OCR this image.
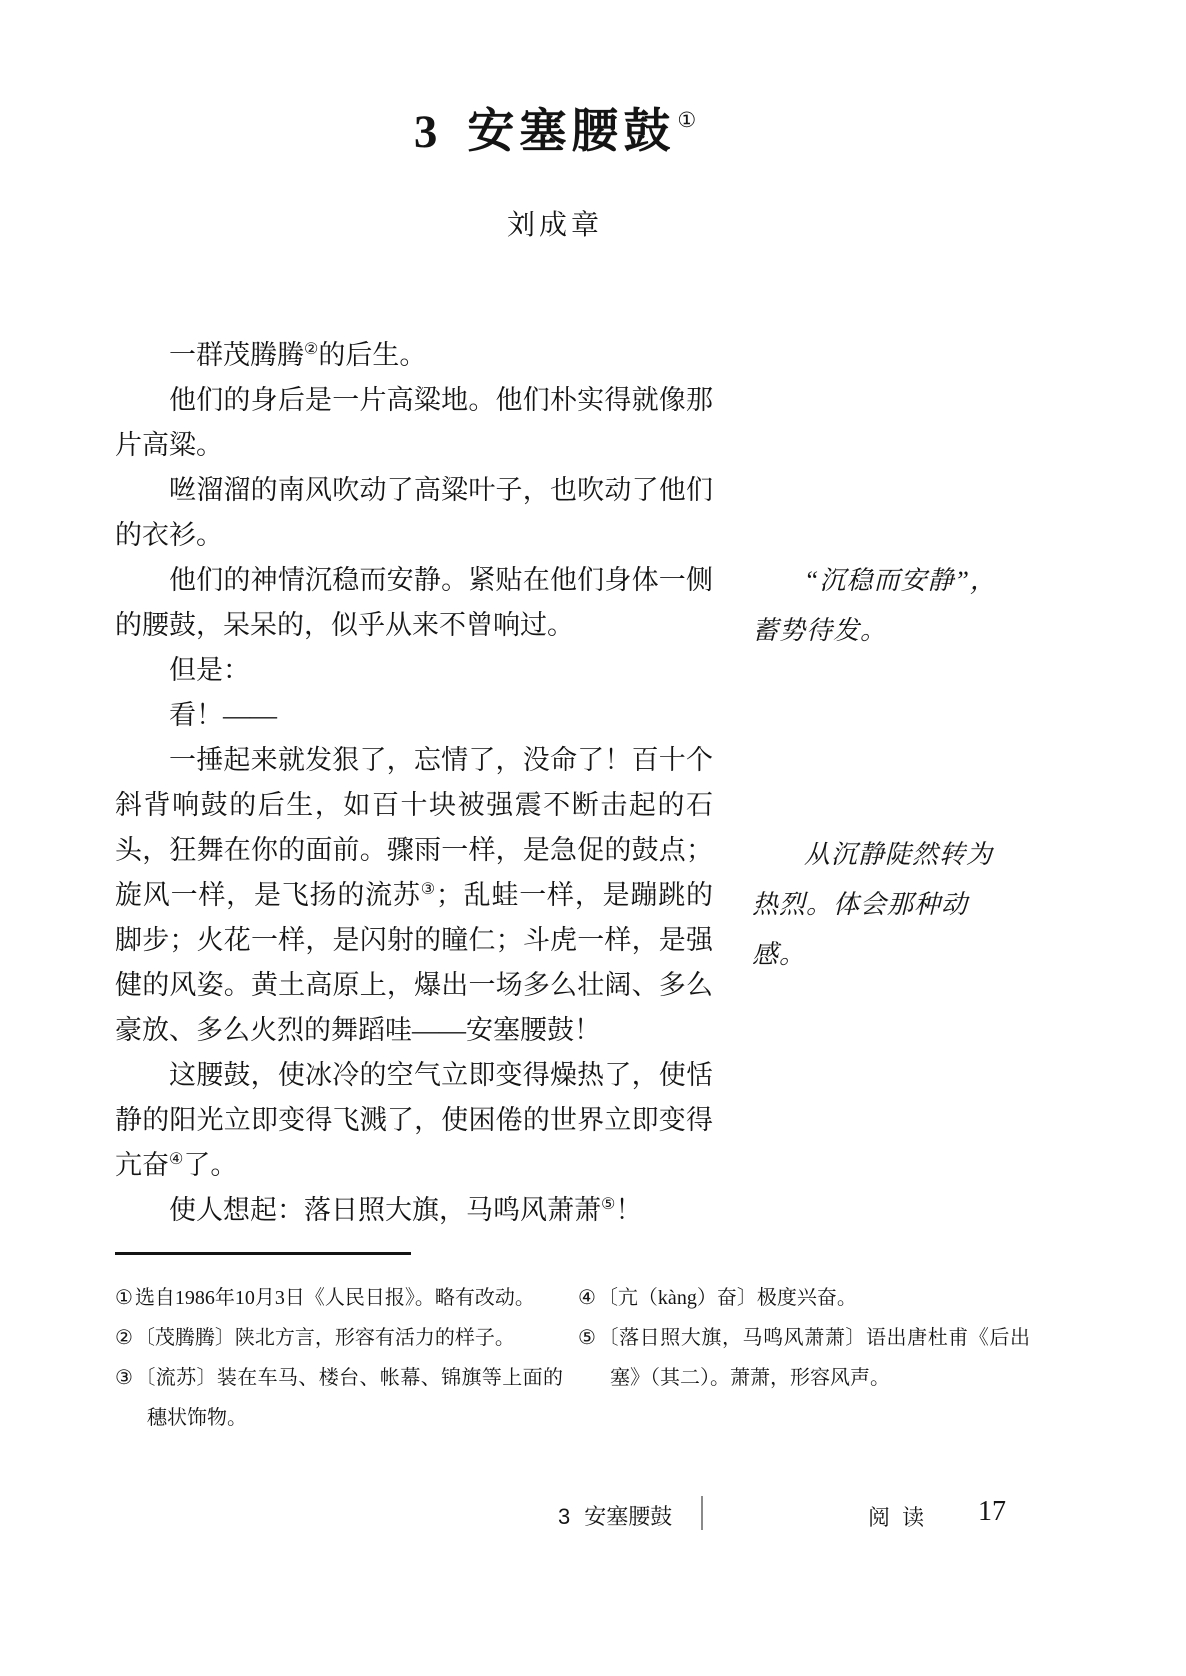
3 安塞腰鼓①
刘成章

一群茂腾腾②的后生。

他们的身后是一片高粱地。他们朴实得就像那片高粱。

咝溜溜的南风吹动了高粱叶子，也吹动了他们的衣衫。

他们的神情沉稳而安静。紧贴在他们身体一侧的腰鼓，呆呆的，似乎从来不曾响过。

但是：

看！——

一捶起来就发狠了，忘情了，没命了！百十个斜背响鼓的后生，如百十块被强震不断击起的石头，狂舞在你的面前。骤雨一样，是急促的鼓点；旋风一样，是飞扬的流苏③；乱蛙一样，是蹦跳的脚步；火花一样，是闪射的瞳仁；斗虎一样，是强健的风姿。黄土高原上，爆出一场多么壮阔、多么豪放、多么火烈的舞蹈哇——安塞腰鼓！

这腰鼓，使冰冷的空气立即变得燥热了，使恬静的阳光立即变得飞溅了，使困倦的世界立即变得亢奋④了。

使人想起：落日照大旗，马鸣风萧萧⑤！

“沉稳而安静”，
蓄势待发。
从沉静陡然转为
热烈。体会那种动感。

① 选自1986年10月3日《人民日报》。略有改动。

② 〔茂腾腾〕陕北方言，形容有活力的样子。

③ 〔流苏〕装在车马、楼台、帐幕、锦旗等上面的穗状饰物。

④ 〔亢（kàng）奋〕极度兴奋。

⑤ 〔落日照大旗，马鸣风萧萧〕语出唐杜甫《后出塞》（其二）。萧萧，形容风声。

3 安塞腰鼓	阅读 17
